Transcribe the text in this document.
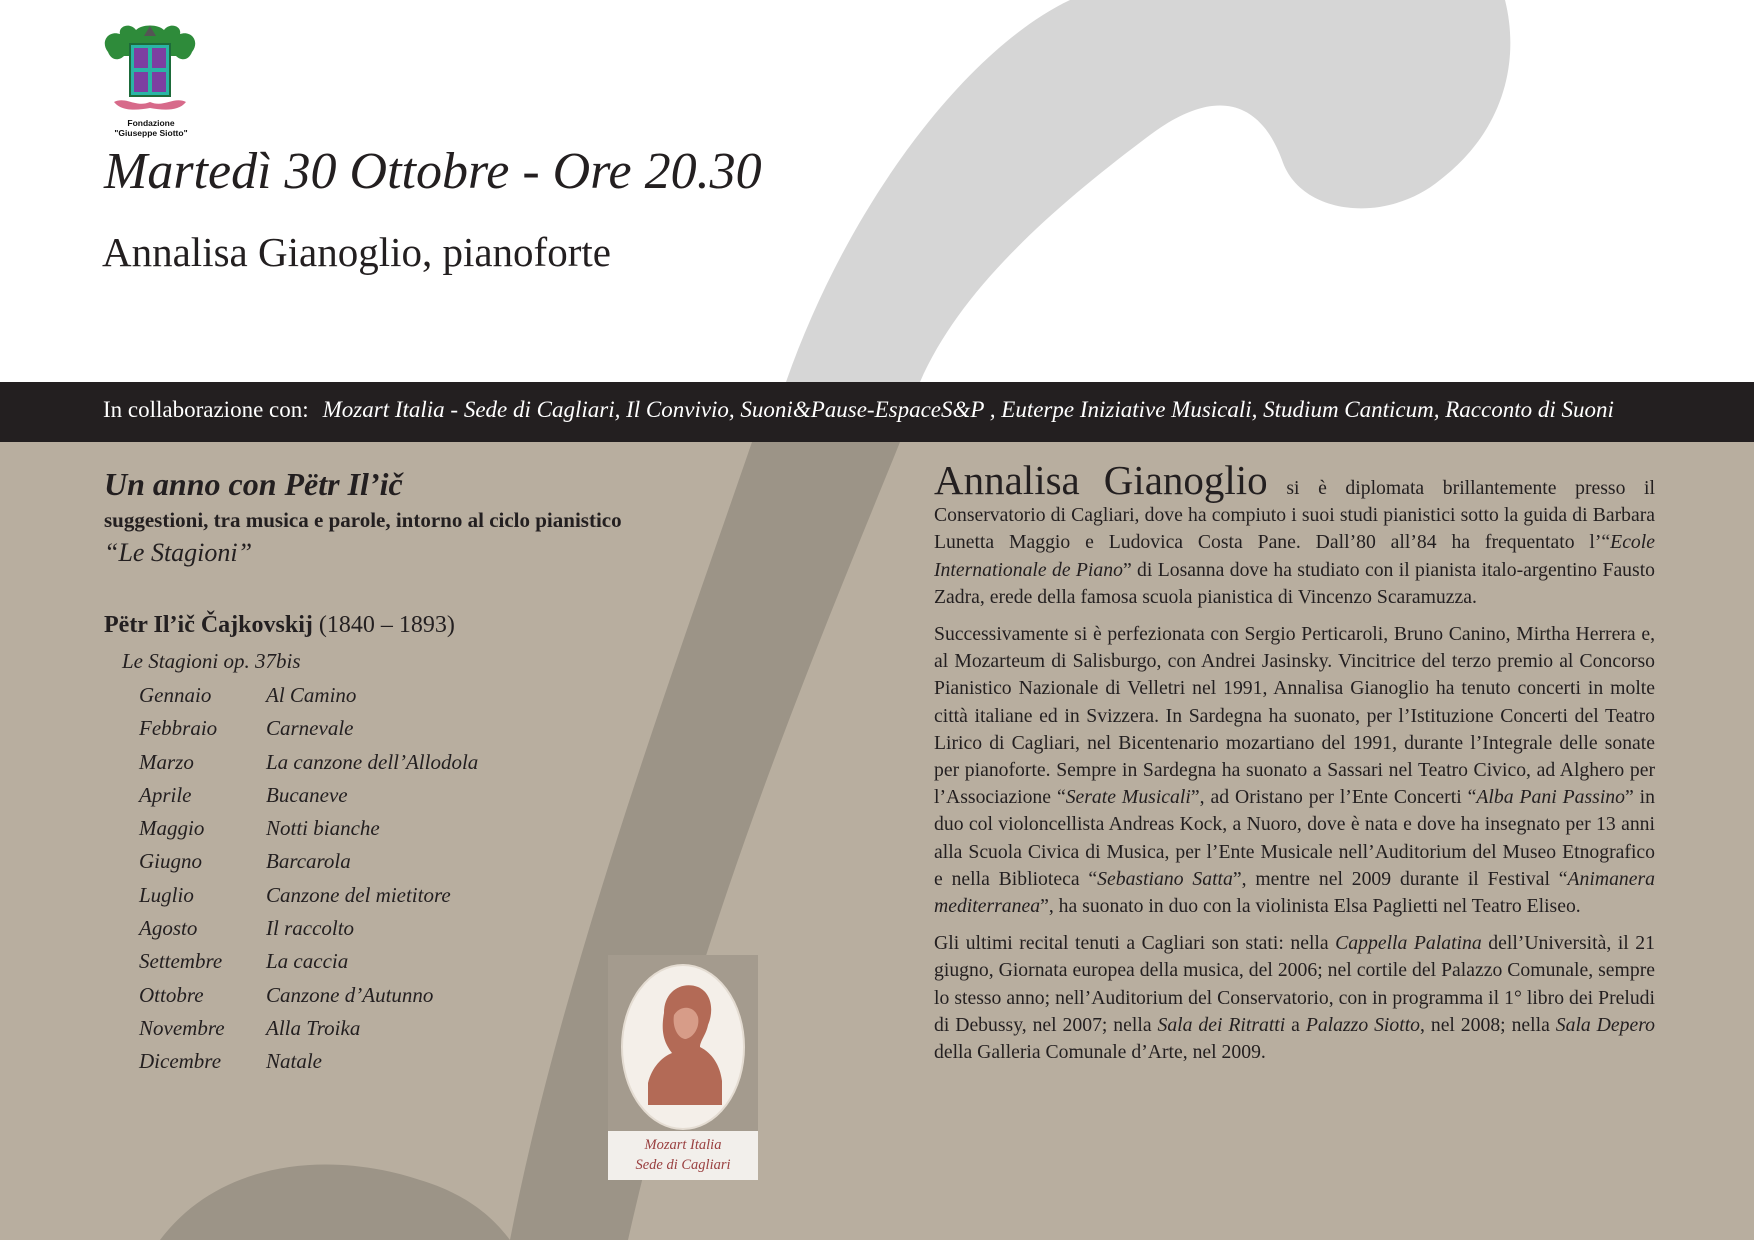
Fondazione
"Giuseppe Siotto"
Martedì 30 Ottobre - Ore 20.30
Annalisa Gianoglio, pianoforte
In collaborazione con: Mozart Italia - Sede di Cagliari, Il Convivio, Suoni&Pause-EspaceS&P , Euterpe Iniziative Musicali, Studium Canticum, Racconto di Suoni
Un anno con Pëtr Il’ič

suggestioni, tra musica e parole, intorno al ciclo pianistico

“Le Stagioni”

Pëtr Il’ič Čajkovskij (1840 – 1893)
Le Stagioni op. 37bis
Gennaio	Al Camino
Febbraio	Carnevale
Marzo	La canzone dell’Allodola
Aprile	Bucaneve
Maggio	Notti bianche
Giugno	Barcarola
Luglio	Canzone del mietitore
Agosto	Il raccolto
Settembre	La caccia
Ottobre	Canzone d’Autunno
Novembre	Alla Troika
Dicembre	Natale
Mozart Italia
Sede di Cagliari

Annalisa Gianoglio si è diplomata brillantemente presso il Conservatorio di Cagliari, dove ha compiuto i suoi studi pianistici sotto la guida di Barbara Lunetta Maggio e Ludovica Costa Pane. Dall’80 all’84 ha frequentato l’“Ecole Internationale de Piano” di Losanna dove ha studiato con il pianista italo-argentino Fausto Zadra, erede della famosa scuola pianistica di Vincenzo Scaramuzza.

Successivamente si è perfezionata con Sergio Perticaroli, Bruno Canino, Mirtha Herrera e, al Mozarteum di Salisburgo, con Andrei Jasinsky. Vincitrice del terzo premio al Concorso Pianistico Nazionale di Velletri nel 1991, Annalisa Gianoglio ha tenuto concerti in molte città italiane ed in Svizzera. In Sardegna ha suonato, per l’Istituzione Concerti del Teatro Lirico di Cagliari, nel Bicentenario mozartiano del 1991, durante l’Integrale delle sonate per pianoforte. Sempre in Sardegna ha suonato a Sassari nel Teatro Civico, ad Alghero per l’Associazione “Serate Musicali”, ad Oristano per l’Ente Concerti “Alba Pani Passino” in duo col violoncellista Andreas Kock, a Nuoro, dove è nata e dove ha insegnato per 13 anni alla Scuola Civica di Musica, per l’Ente Musicale nell’Auditorium del Museo Etnografico e nella Biblioteca “Sebastiano Satta”, mentre nel 2009 durante il Festival “Animanera mediterranea”, ha suonato in duo con la violinista Elsa Paglietti nel Teatro Eliseo.

Gli ultimi recital tenuti a Cagliari son stati: nella Cappella Palatina dell’Università, il 21 giugno, Giornata europea della musica, del 2006; nel cortile del Palazzo Comunale, sempre lo stesso anno; nell’Auditorium del Conservatorio, con in programma il 1° libro dei Preludi di Debussy, nel 2007; nella Sala dei Ritratti a Palazzo Siotto, nel 2008; nella Sala Depero della Galleria Comunale d’Arte, nel 2009.
